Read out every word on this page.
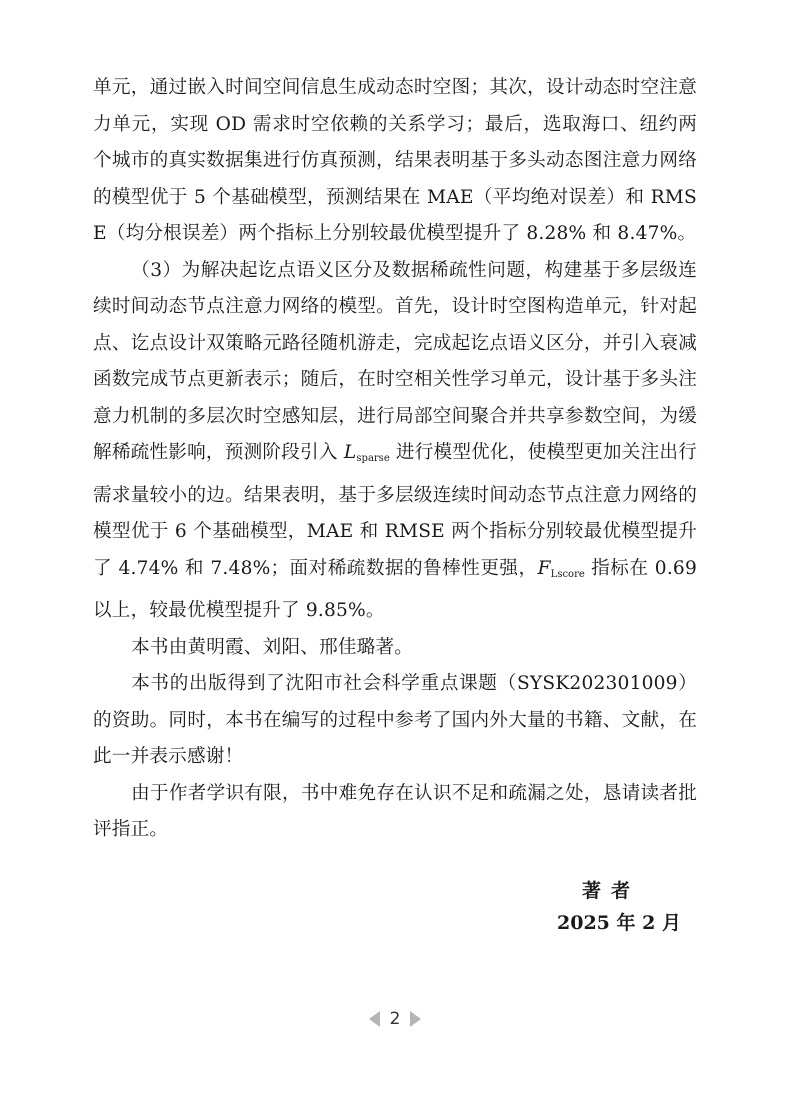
单元，通过嵌入时间空间信息生成动态时空图；其次，设计动态时空注意力单元，实现 OD 需求时空依赖的关系学习；最后，选取海口、纽约两个城市的真实数据集进行仿真预测，结果表明基于多头动态图注意力网络的模型优于 5 个基础模型，预测结果在 MAE（平均绝对误差）和 RMSE（均分根误差）两个指标上分别较最优模型提升了 8.28% 和 8.47%。

（3）为解决起讫点语义区分及数据稀疏性问题，构建基于多层级连续时间动态节点注意力网络的模型。首先，设计时空图构造单元，针对起点、讫点设计双策略元路径随机游走，完成起讫点语义区分，并引入衰减函数完成节点更新表示；随后，在时空相关性学习单元，设计基于多头注意力机制的多层次时空感知层，进行局部空间聚合并共享参数空间，为缓解稀疏性影响，预测阶段引入 $L_{sparse}$ 进行模型优化，使模型更加关注出行需求量较小的边。结果表明，基于多层级连续时间动态节点注意力网络的模型优于 6 个基础模型，MAE 和 RMSE 两个指标分别较最优模型提升了 4.74% 和 7.48%；面对稀疏数据的鲁棒性更强，$F_{Lscore}$ 指标在 0.69 以上，较最优模型提升了 9.85%。

本书由黄明霞、刘阳、邢佳璐著。

本书的出版得到了沈阳市社会科学重点课题（SYSK202301009）的资助。同时，本书在编写的过程中参考了国内外大量的书籍、文献，在此一并表示感谢！

由于作者学识有限，书中难免存在认识不足和疏漏之处，恳请读者批评指正。

著者
2025 年 2 月
2
